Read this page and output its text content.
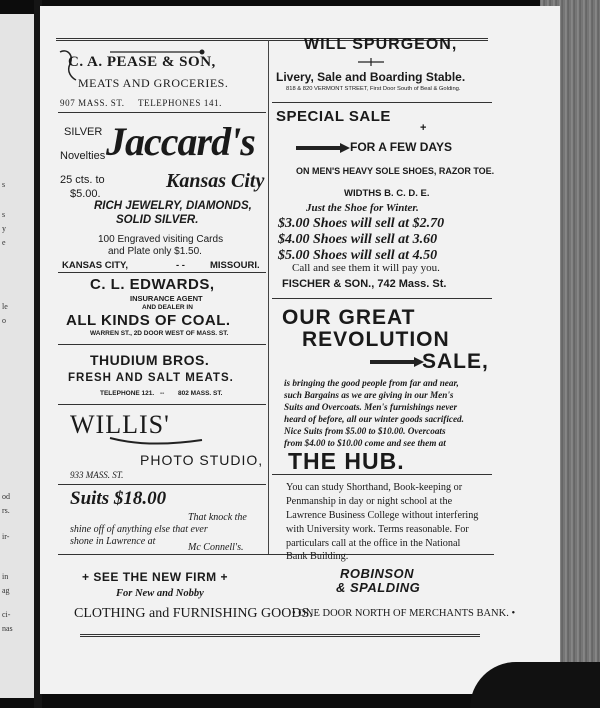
s
s
y
e
le
o
od
rs.
ir-
in
ag
ci-
nas
C. A. PEASE & SON,
MEATS AND GROCERIES.
907 MASS. ST. TELEPHONES 141.
SILVER
Novelties
25 cts. to
$5.00.
Jaccard's
Kansas City
RICH JEWELRY, DIAMONDS,
SOLID SILVER.
100 Engraved visiting Cards
and Plate only $1.50.
KANSAS CITY,	- -	MISSOURI.
C. L. EDWARDS,
INSURANCE AGENT
AND DEALER IN
ALL KINDS OF COAL.
WARREN ST., 2D DOOR WEST OF MASS. ST.
THUDIUM BROS.
FRESH AND SALT MEATS.
TELEPHONE 121. -- 802 MASS. ST.
WILLIS'
PHOTO STUDIO,
933 MASS. ST.
Suits $18.00
That knock the
shine off of anything else that ever
shone in Lawrence at
Mc Connell's.
WILL SPURGEON,
Livery, Sale and Boarding Stable.
818 & 820 VERMONT STREET, First Door South of Beal & Golding.
SPECIAL SALE
+
FOR A FEW DAYS
ON MEN'S HEAVY SOLE SHOES, RAZOR TOE.
WIDTHS B. C. D. E.
Just the Shoe for Winter.
$3.00 Shoes will sell at $2.70
$4.00 Shoes will sell at 3.60
$5.00 Shoes will sell at 4.50
Call and see them it will pay you.
FISCHER & SON., 742 Mass. St.
OUR GREAT
REVOLUTION
SALE,
is bringing the good people from far and near,
such Bargains as we are giving in our Men's
Suits and Overcoats. Men's furnishings never
heard of before, all our winter goods sacrificed.
Nice Suits from $5.00 to $10.00. Overcoats
from $4.00 to $10.00 come and see them at
THE HUB.
You can study Shorthand, Book-keeping or
Penmanship in day or night school at the
Lawrence Business College without interfering
with University work. Terms reasonable. For
particulars call at the office in the National
Bank Building.
+ SEE THE NEW FIRM +
For New and Nobby
CLOTHING and FURNISHING GOODS.
ROBINSON
& SPALDING
• ONE DOOR NORTH OF MERCHANTS BANK. •
